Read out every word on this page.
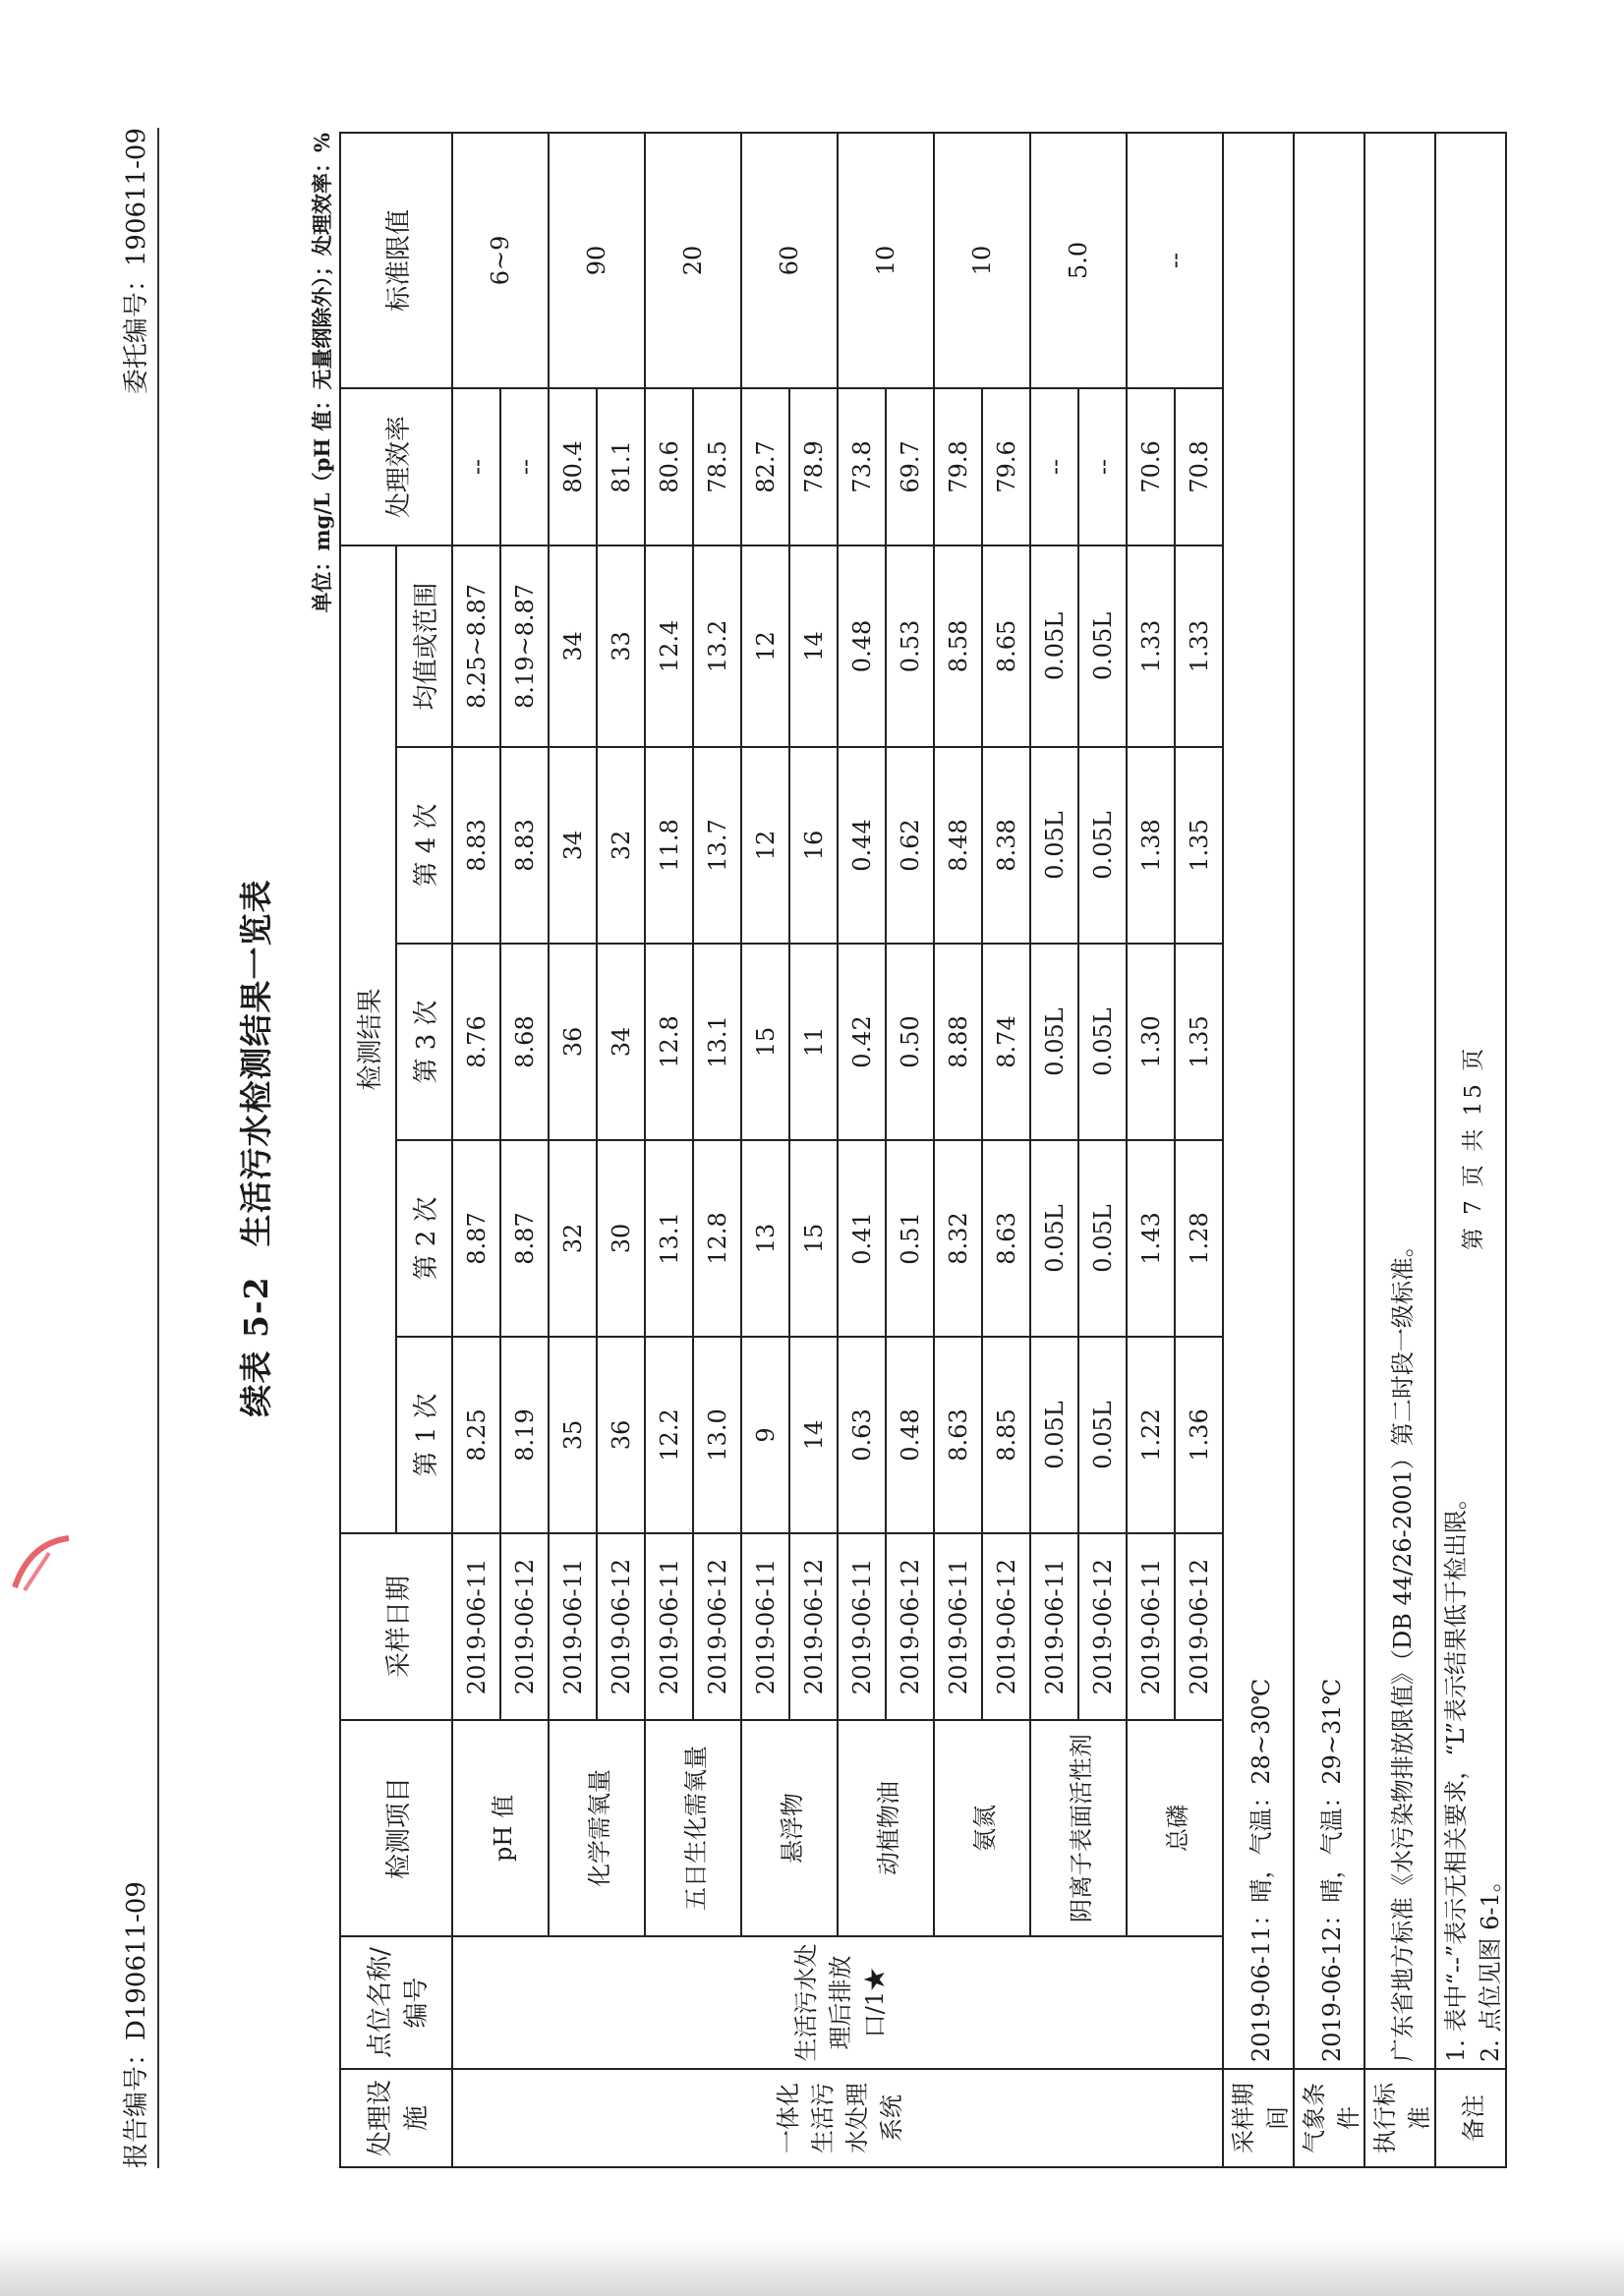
报告编号：D190611-09
委托编号：190611-09
续表 5-2生活污水检测结果一览表
单位：mg/L（pH 值：无量纲除外）；处理效率：%
处理设施	点位名称/编号	检测项目	采样日期	检测结果					处理效率	标准限值
				第 1 次	第 2 次	第 3 次	第 4 次	均值或范围		
一体化生活污水处理系统	生活污水处理后排放口/1★	pH 值	2019-06-11	8.25	8.87	8.76	8.83	8.25~8.87	--	6~9
			2019-06-12	8.19	8.87	8.68	8.83	8.19~8.87	--	
		化学需氧量	2019-06-11	35	32	36	34	34	80.4	90
			2019-06-12	36	30	34	32	33	81.1	
		五日生化需氧量	2019-06-11	12.2	13.1	12.8	11.8	12.4	80.6	20
			2019-06-12	13.0	12.8	13.1	13.7	13.2	78.5	
		悬浮物	2019-06-11	9	13	15	12	12	82.7	60
			2019-06-12	14	15	11	16	14	78.9	
		动植物油	2019-06-11	0.63	0.41	0.42	0.44	0.48	73.8	10
			2019-06-12	0.48	0.51	0.50	0.62	0.53	69.7	
		氨氮	2019-06-11	8.63	8.32	8.88	8.48	8.58	79.8	10
			2019-06-12	8.85	8.63	8.74	8.38	8.65	79.6	
		阴离子表面活性剂	2019-06-11	0.05L	0.05L	0.05L	0.05L	0.05L	--	5.0
			2019-06-12	0.05L	0.05L	0.05L	0.05L	0.05L	--	
		总磷	2019-06-11	1.22	1.43	1.30	1.38	1.33	70.6	--
			2019-06-12	1.36	1.28	1.35	1.35	1.33	70.8	
采样期间	2019-06-11：晴，气温：28~30℃									
气象条件	2019-06-12：晴，气温：29~31℃									
执行标准	广东省地方标准《水污染物排放限值》（DB 44/26-2001）第二时段一级标准。									
备注	1. 表中“--”表示无相关要求，“L”表示结果低于检出限。 2. 点位见图 6-1。									
第 7 页 共 15 页
